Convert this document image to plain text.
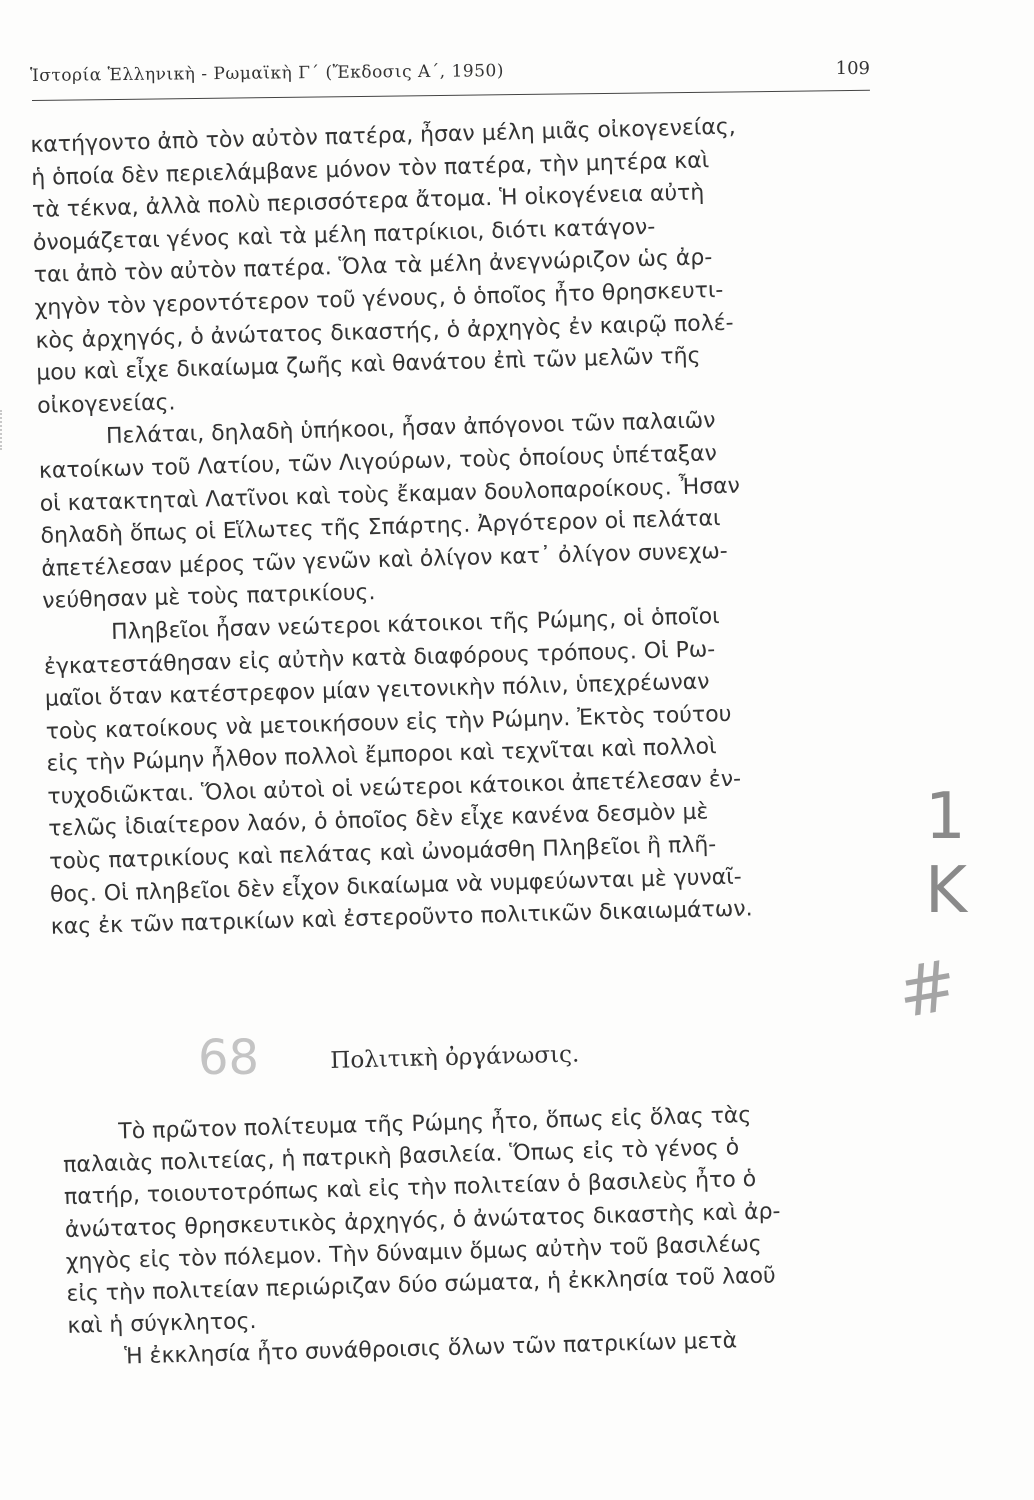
Ἱστορία Ἑλληνικὴ - Ρωμαϊκὴ Γ΄ (Ἔκδοσις Α΄, 1950)	109
κατήγοντο ἀπὸ τὸν αὐτὸν πατέρα, ἦσαν μέλη μιᾶς οἰκογενείας,
ἡ ὁποία δὲν περιελάμβανε μόνον τὸν πατέρα, τὴν μητέρα καὶ
τὰ τέκνα, ἀλλὰ πολὺ περισσότερα ἄτομα. Ἡ οἰκογένεια αὐτὴ
ὀνομάζεται γένος καὶ τὰ μέλη πατρίκιοι, διότι κατάγον-
ται ἀπὸ τὸν αὐτὸν πατέρα. Ὅλα τὰ μέλη ἀνεγνώριζον ὡς ἀρ-
χηγὸν τὸν γεροντότερον τοῦ γένους, ὁ ὁποῖος ἦτο θρησκευτι-
κὸς ἀρχηγός, ὁ ἀνώτατος δικαστής, ὁ ἀρχηγὸς ἐν καιρῷ πολέ-
μου καὶ εἶχε δικαίωμα ζωῆς καὶ θανάτου ἐπὶ τῶν μελῶν τῆς
οἰκογενείας.
Πελάται, δηλαδὴ ὑπήκοοι, ἦσαν ἀπόγονοι τῶν παλαιῶν
κατοίκων τοῦ Λατίου, τῶν Λιγούρων, τοὺς ὁποίους ὑπέταξαν
οἱ κατακτηταὶ Λατῖνοι καὶ τοὺς ἔκαμαν δουλοπαροίκους. Ἦσαν
δηλαδὴ ὅπως οἱ Εἵλωτες τῆς Σπάρτης. Ἀργότερον οἱ πελάται
ἀπετέλεσαν μέρος τῶν γενῶν καὶ ὀλίγον κατ᾽ ὀλίγον συνεχω-
νεύθησαν μὲ τοὺς πατρικίους.
Πληβεῖοι ἦσαν νεώτεροι κάτοικοι τῆς Ρώμης, οἱ ὁποῖοι
ἐγκατεστάθησαν εἰς αὐτὴν κατὰ διαφόρους τρόπους. Οἱ Ρω-
μαῖοι ὅταν κατέστρεφον μίαν γειτονικὴν πόλιν, ὑπεχρέωναν
τοὺς κατοίκους νὰ μετοικήσουν εἰς τὴν Ρώμην. Ἐκτὸς τούτου
εἰς τὴν Ρώμην ἦλθον πολλοὶ ἔμποροι καὶ τεχνῖται καὶ πολλοὶ
τυχοδιῶκται. Ὅλοι αὐτοὶ οἱ νεώτεροι κάτοικοι ἀπετέλεσαν ἐν-
τελῶς ἰδιαίτερον λαόν, ὁ ὁποῖος δὲν εἶχε κανένα δεσμὸν μὲ
τοὺς πατρικίους καὶ πελάτας καὶ ὠνομάσθη Πληβεῖοι ἢ πλῆ-
θος. Οἱ πληβεῖοι δὲν εἶχον δικαίωμα νὰ νυμφεύωνται μὲ γυναῖ-
κας ἐκ τῶν πατρικίων καὶ ἐστεροῦντο πολιτικῶν δικαιωμάτων.
Πολιτικὴ ὀργάνωσις.
Τὸ πρῶτον πολίτευμα τῆς Ρώμης ἦτο, ὅπως εἰς ὅλας τὰς
παλαιὰς πολιτείας, ἡ πατρικὴ βασιλεία. Ὅπως εἰς τὸ γένος ὁ
πατήρ, τοιουτοτρόπως καὶ εἰς τὴν πολιτείαν ὁ βασιλεὺς ἦτο ὁ
ἀνώτατος θρησκευτικὸς ἀρχηγός, ὁ ἀνώτατος δικαστὴς καὶ ἀρ-
χηγὸς εἰς τὸν πόλεμον. Τὴν δύναμιν ὅμως αὐτὴν τοῦ βασιλέως
εἰς τὴν πολιτείαν περιώριζαν δύο σώματα, ἡ ἐκκλησία τοῦ λαοῦ
καὶ ἡ σύγκλητος.
Ἡ ἐκκλησία ἦτο συνάθροισις ὅλων τῶν πατρικίων μετὰ
1 K
#
68
